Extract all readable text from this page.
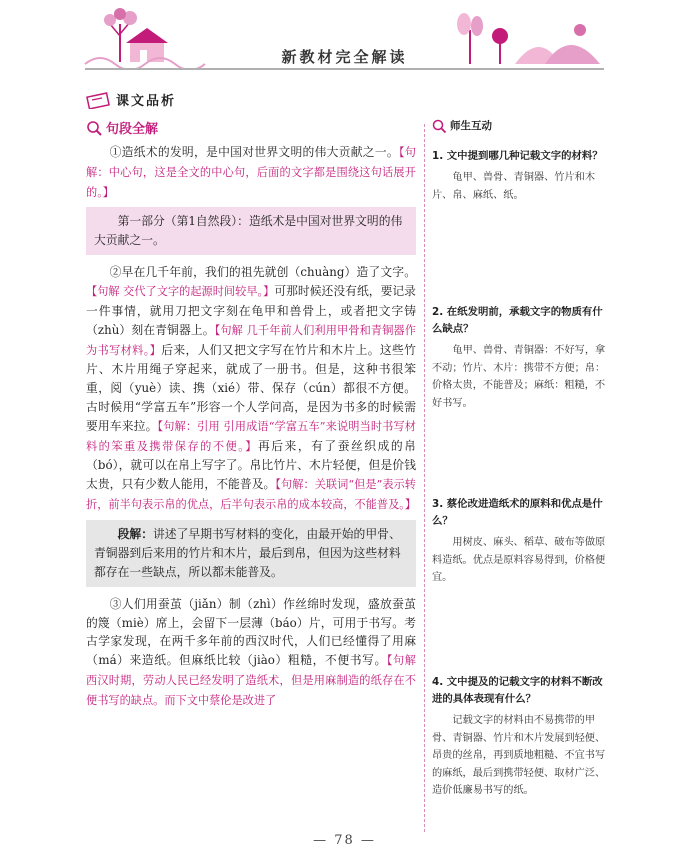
新教材完全解读
课文品析
句段全解

①造纸术的发明，是中国对世界文明的伟大贡献之一。【句解：中心句，这是全文的中心句，后面的文字都是围绕这句话展开的。】

第一部分（第1自然段）：造纸术是中国对世界文明的伟大贡献之一。

②早在几千年前，我们的祖先就创（chuàng）造了文字。【句解 交代了文字的起源时间较早。】可那时候还没有纸，要记录一件事情，就用刀把文字刻在龟甲和兽骨上，或者把文字铸（zhù）刻在青铜器上。【句解 几千年前人们利用甲骨和青铜器作为书写材料。】后来，人们又把文字写在竹片和木片上。这些竹片、木片用绳子穿起来，就成了一册书。但是，这种书很笨重，阅（yuè）读、携（xié）带、保存（cún）都很不方便。古时候用“学富五车”形容一个人学问高，是因为书多的时候需要用车来拉。【句解：引用 引用成语“学富五车”来说明当时书写材料的笨重及携带保存的不便。】再后来，有了蚕丝织成的帛（bó），就可以在帛上写字了。帛比竹片、木片轻便，但是价钱太贵，只有少数人能用，不能普及。【句解：关联词“但是”表示转折，前半句表示帛的优点，后半句表示帛的成本较高，不能普及。】

段解：讲述了早期书写材料的变化，由最开始的甲骨、青铜器到后来用的竹片和木片，最后到帛，但因为这些材料都存在一些缺点，所以都未能普及。

③人们用蚕茧（jiǎn）制（zhì）作丝绵时发现，盛放蚕茧的篾（miè）席上，会留下一层薄（báo）片，可用于书写。考古学家发现，在两千多年前的西汉时代，人们已经懂得了用麻（má）来造纸。但麻纸比较（jiào）粗糙，不便书写。【句解 西汉时期，劳动人民已经发明了造纸术，但是用麻制造的纸存在不便书写的缺点。而下文中蔡伦是改进了

师生互动

1. 文中提到哪几种记载文字的材料？

龟甲、兽骨、青铜器、竹片和木片、帛、麻纸、纸。

2. 在纸发明前，承载文字的物质有什么缺点？

龟甲、兽骨、青铜器：不好写，拿不动；竹片、木片：携带不方便；帛：价格太贵，不能普及；麻纸：粗糙，不好书写。

3. 蔡伦改进造纸术的原料和优点是什么？

用树皮、麻头、稻草、破布等做原料造纸。优点是原料容易得到，价格便宜。

4. 文中提及的记载文字的材料不断改进的具体表现有什么？

记载文字的材料由不易携带的甲骨、青铜器、竹片和木片发展到轻便、昂贵的丝帛，再到质地粗糙、不宜书写的麻纸，最后到携带轻便、取材广泛、造价低廉易书写的纸。

— 78 —
